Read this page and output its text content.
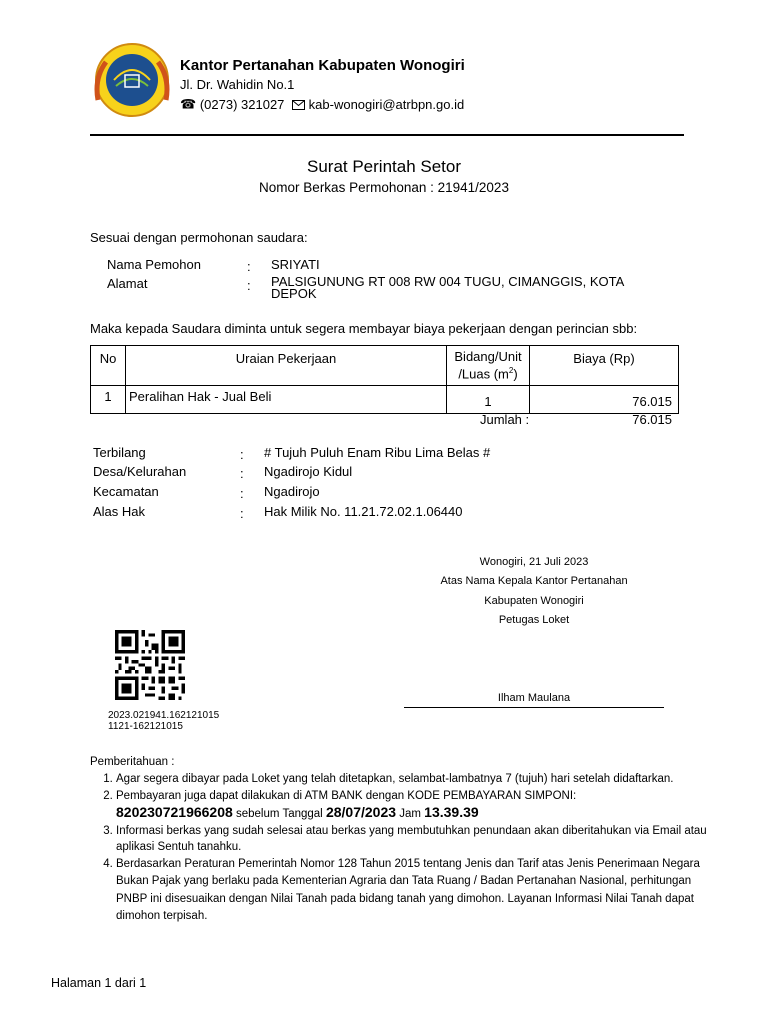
Kantor Pertanahan Kabupaten Wonogiri
Jl. Dr. Wahidin No.1
☎ (0273) 321027 kab-wonogiri@atrbpn.go.id
Surat Perintah Setor
Nomor Berkas Permohonan : 21941/2023
Sesuai dengan permohonan saudara:
Nama Pemohon	: SRIYATI
Alamat	: PALSIGUNUNG RT 008 RW 004 TUGU, CIMANGGIS, KOTA DEPOK
Maka kepada Saudara diminta untuk segera membayar biaya pekerjaan dengan perincian sbb:
No	Uraian Pekerjaan	Bidang/Unit
/Luas $(m^2)$	Biaya (Rp)
1	Peralihan Hak - Jual Beli	1	76.015
Jumlah :	76.015
Terbilang	: # Tujuh Puluh Enam Ribu Lima Belas #
Desa/Kelurahan	: Ngadirojo Kidul
Kecamatan	: Ngadirojo
Alas Hak	: Hak Milik No. 11.21.72.02.1.06440
Wonogiri, 21 Juli 2023
Atas Nama Kepala Kantor Pertanahan
Kabupaten Wonogiri
Petugas Loket
Ilham Maulana
2023.021941.162121015
1121-162121015
Pemberitahuan :
1. Agar segera dibayar pada Loket yang telah ditetapkan, selambat-lambatnya 7 (tujuh) hari setelah didaftarkan.
2. Pembayaran juga dapat dilakukan di ATM BANK dengan KODE PEMBAYARAN SIMPONI:
820230721966208 sebelum Tanggal 28/07/2023 Jam 13.39.39
3. Informasi berkas yang sudah selesai atau berkas yang membutuhkan penundaan akan diberitahukan via Email atau aplikasi Sentuh tanahku.
4. Berdasarkan Peraturan Pemerintah Nomor 128 Tahun 2015 tentang Jenis dan Tarif atas Jenis Penerimaan Negara Bukan Pajak yang berlaku pada Kementerian Agraria dan Tata Ruang / Badan Pertanahan Nasional, perhitungan PNBP ini disesuaikan dengan Nilai Tanah pada bidang tanah yang dimohon. Layanan Informasi Nilai Tanah dapat dimohon terpisah.
Halaman 1 dari 1
